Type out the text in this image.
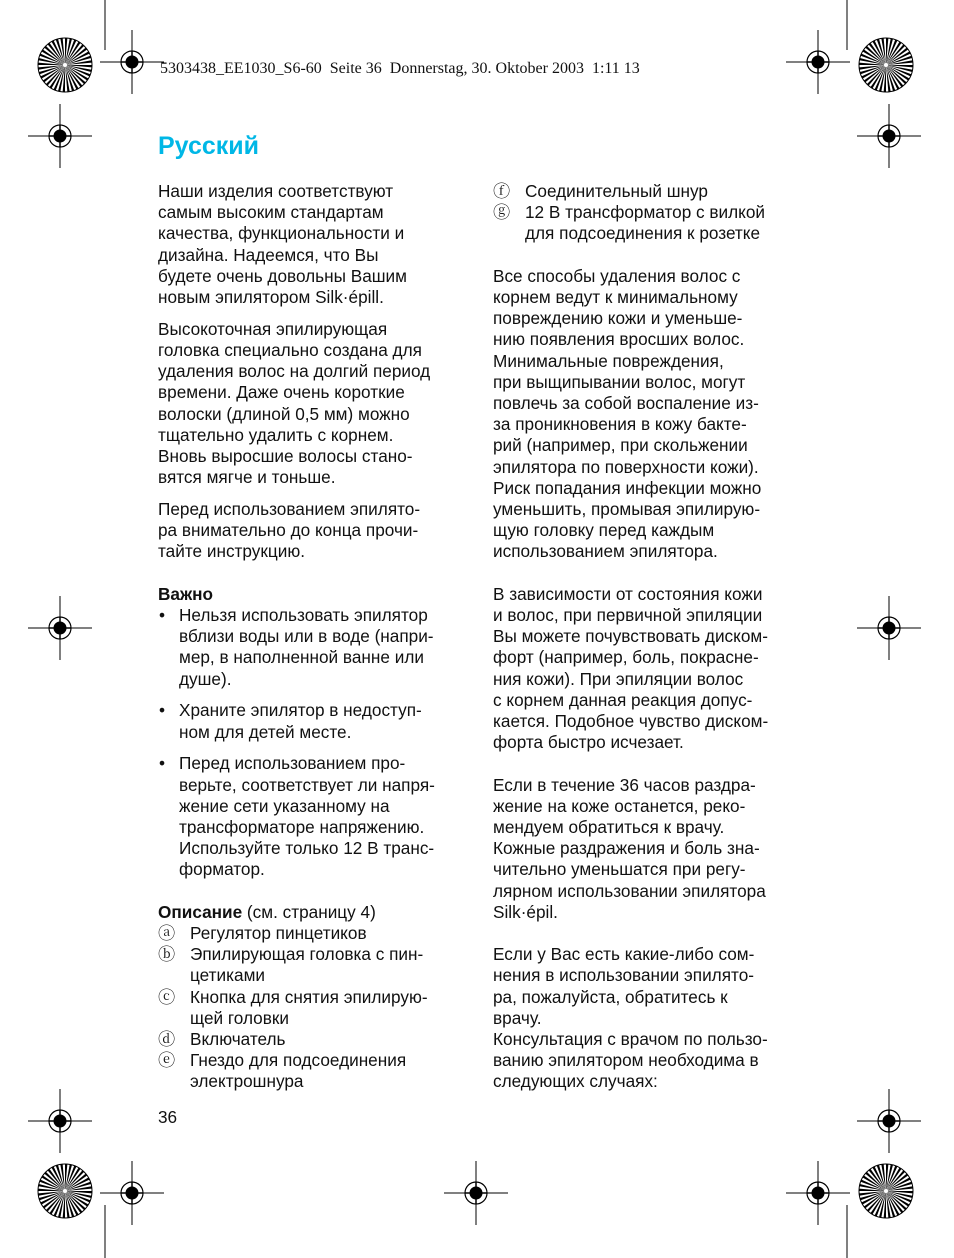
5303438_EE1030_S6-60  Seite 36  Donnerstag, 30. Oktober 2003  1:11 13
Русский

Наши изделия соответствуют

самым высоким стандартам

качества, функциональности и

дизайна. Надеемся, что Вы

будете очень довольны Вашим

новым эпилятором Silk·épill.

Высокоточная эпилирующая

головка специально создана для

удаления волос на долгий период

времени. Даже очень короткие

волоски (длиной 0,5 мм) можно

тщательно удалить с корнем.

Вновь выросшие волосы стано-

вятся мягче и тоньше.

Перед использованием эпилято-

ра внимательно до конца прочи-

тайте инструкцию.

Важно

• Нельзя использовать эпилятор

вблизи воды или в воде (напри-

мер, в наполненной ванне или

душе).

• Храните эпилятор в недоступ-

ном для детей месте.

• Перед использованием про-

верьте, соответствует ли напря-

жение сети указанному на

трансформаторе напряжению.

Используйте только 12 В транс-

форматор.

Описание (см. страницу 4)

ⓐ Регулятор пинцетиков

ⓑ Эпилирующая головка с пин-

цетиками

ⓒ Кнопка для снятия эпилирую-

щей головки

ⓓ Включатель

ⓔ Гнездо для подсоединения

электрошнура

ⓕ Соединительный шнур

ⓖ 12 В трансформатор с вилкой

для подсоединения к розетке

Все способы удаления волос с

корнем ведут к минимальному

повреждению кожи и уменьше-

нию появления вросших волос.

Минимальные повреждения,

при выщипывании волос, могут

повлечь за собой воспаление из-

за проникновения в кожу бакте-

рий (например, при скольжении

эпилятора по поверхности кожи).

Риск попадания инфекции можно

уменьшить, промывая эпилирую-

щую головку перед каждым

использованием эпилятора.

В зависимости от состояния кожи

и волос, при первичной эпиляции

Вы можете почувствовать диском-

форт (например, боль, покрасне-

ния кожи). При эпиляции волос

с корнем данная реакция допус-

кается. Подобное чувство диском-

форта быстро исчезает.

Если в течение 36 часов раздра-

жение на коже останется, реко-

мендуем обратиться к врачу.

Кожные раздражения и боль зна-

чительно уменьшатся при регу-

лярном использовании эпилятора

Silk·épil.

Если у Вас есть какие-либо сом-

нения в использовании эпилято-

ра, пожалуйста, обратитесь к

врачу.

Консультация с врачом по пользо-

ванию эпилятором необходима в

следующих случаях:

36
